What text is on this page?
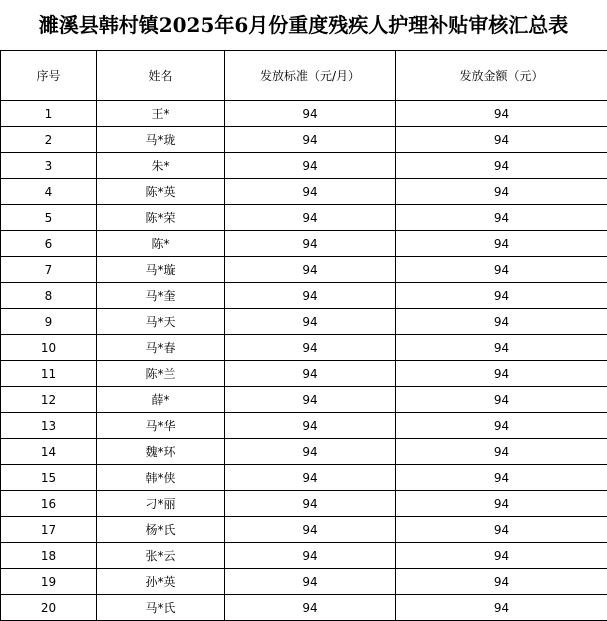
濉溪县韩村镇2025年6月份重度残疾人护理补贴审核汇总表
序号	姓名	发放标准（元/月）	发放金额（元）
1	王*	94	94
2	马*珑	94	94
3	朱*	94	94
4	陈*英	94	94
5	陈*荣	94	94
6	陈*	94	94
7	马*璇	94	94
8	马*奎	94	94
9	马*天	94	94
10	马*春	94	94
11	陈*兰	94	94
12	薛*	94	94
13	马*华	94	94
14	魏*环	94	94
15	韩*侠	94	94
16	刁*丽	94	94
17	杨*氏	94	94
18	张*云	94	94
19	孙*英	94	94
20	马*氏	94	94
